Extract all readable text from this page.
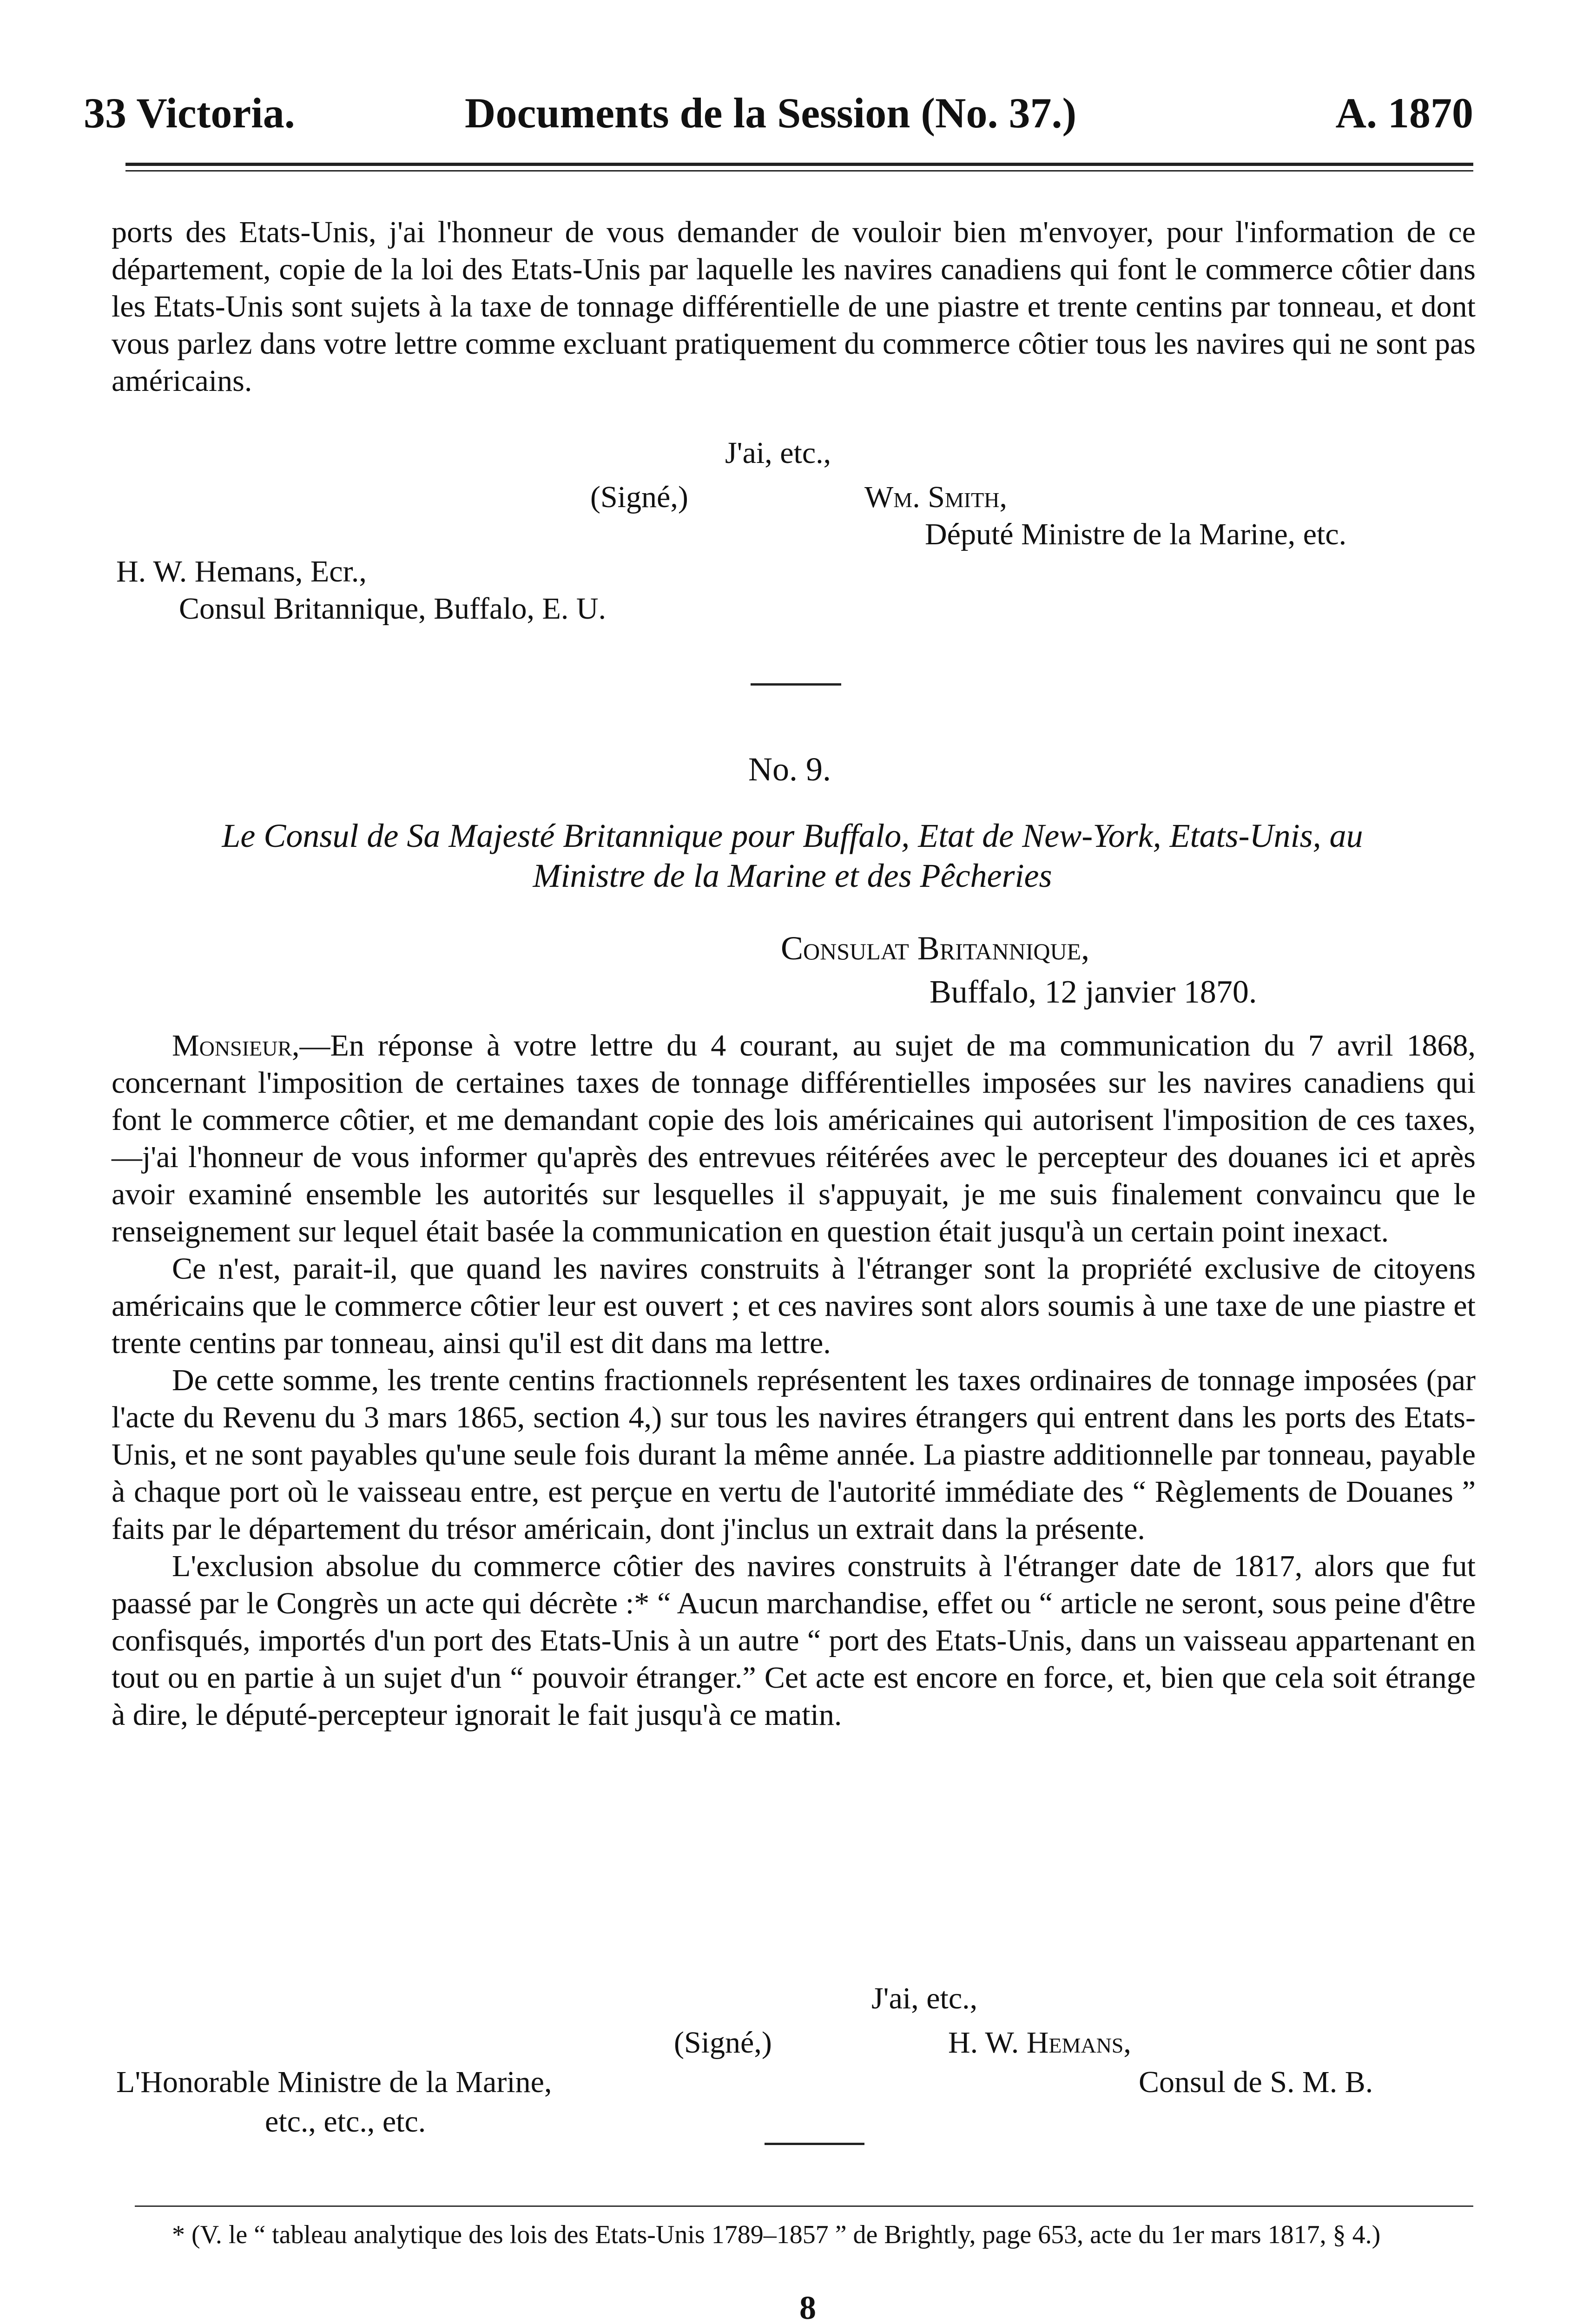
33 Victoria.	Documents de la Session (No. 37.)	A. 1870
ports des Etats-Unis, j'ai l'honneur de vous demander de vouloir bien m'envoyer, pour l'information de ce département, copie de la loi des Etats-Unis par laquelle les navires canadiens qui font le commerce côtier dans les Etats-Unis sont sujets à la taxe de tonnage différentielle de une piastre et trente centins par tonneau, et dont vous parlez dans votre lettre comme excluant pratiquement du commerce côtier tous les navires qui ne sont pas américains.
J'ai, etc.,
(Signé,)	Wm. Smith,
Député Ministre de la Marine, etc.
H. W. Hemans, Ecr.,
Consul Britannique, Buffalo, E. U.
No. 9.
Le Consul de Sa Majesté Britannique pour Buffalo, Etat de New-York, Etats-Unis, au
Ministre de la Marine et des Pêcheries
Consulat Britannique,
Buffalo, 12 janvier 1870.

Monsieur,—En réponse à votre lettre du 4 courant, au sujet de ma communication du 7 avril 1868, concernant l'imposition de certaines taxes de tonnage différentielles imposées sur les navires canadiens qui font le commerce côtier, et me demandant copie des lois américaines qui autorisent l'imposition de ces taxes,—j'ai l'honneur de vous informer qu'après des entrevues réitérées avec le percepteur des douanes ici et après avoir examiné ensemble les autorités sur lesquelles il s'appuyait, je me suis finalement convaincu que le renseignement sur lequel était basée la communication en question était jusqu'à un certain point inexact.

Ce n'est, parait-il, que quand les navires construits à l'étranger sont la propriété exclusive de citoyens américains que le commerce côtier leur est ouvert ; et ces navires sont alors soumis à une taxe de une piastre et trente centins par tonneau, ainsi qu'il est dit dans ma lettre.

De cette somme, les trente centins fractionnels représentent les taxes ordinaires de tonnage imposées (par l'acte du Revenu du 3 mars 1865, section 4,) sur tous les navires étrangers qui entrent dans les ports des Etats-Unis, et ne sont payables qu'une seule fois durant la même année. La piastre additionnelle par tonneau, payable à chaque port où le vaisseau entre, est perçue en vertu de l'autorité immédiate des “ Règlements de Douanes ” faits par le département du trésor américain, dont j'inclus un extrait dans la présente.

L'exclusion absolue du commerce côtier des navires construits à l'étranger date de 1817, alors que fut paassé par le Congrès un acte qui décrète :* “ Aucun marchandise, effet ou “ article ne seront, sous peine d'être confisqués, importés d'un port des Etats-Unis à un autre “ port des Etats-Unis, dans un vaisseau appartenant en tout ou en partie à un sujet d'un “ pouvoir étranger.” Cet acte est encore en force, et, bien que cela soit étrange à dire, le député-percepteur ignorait le fait jusqu'à ce matin.

J'ai, etc.,
(Signé,)	H. W. Hemans,
Consul de S. M. B.
L'Honorable Ministre de la Marine,
etc., etc., etc.
* (V. le “ tableau analytique des lois des Etats-Unis 1789–1857 ” de Brightly, page 653, acte du 1er mars 1817, § 4.)
8
